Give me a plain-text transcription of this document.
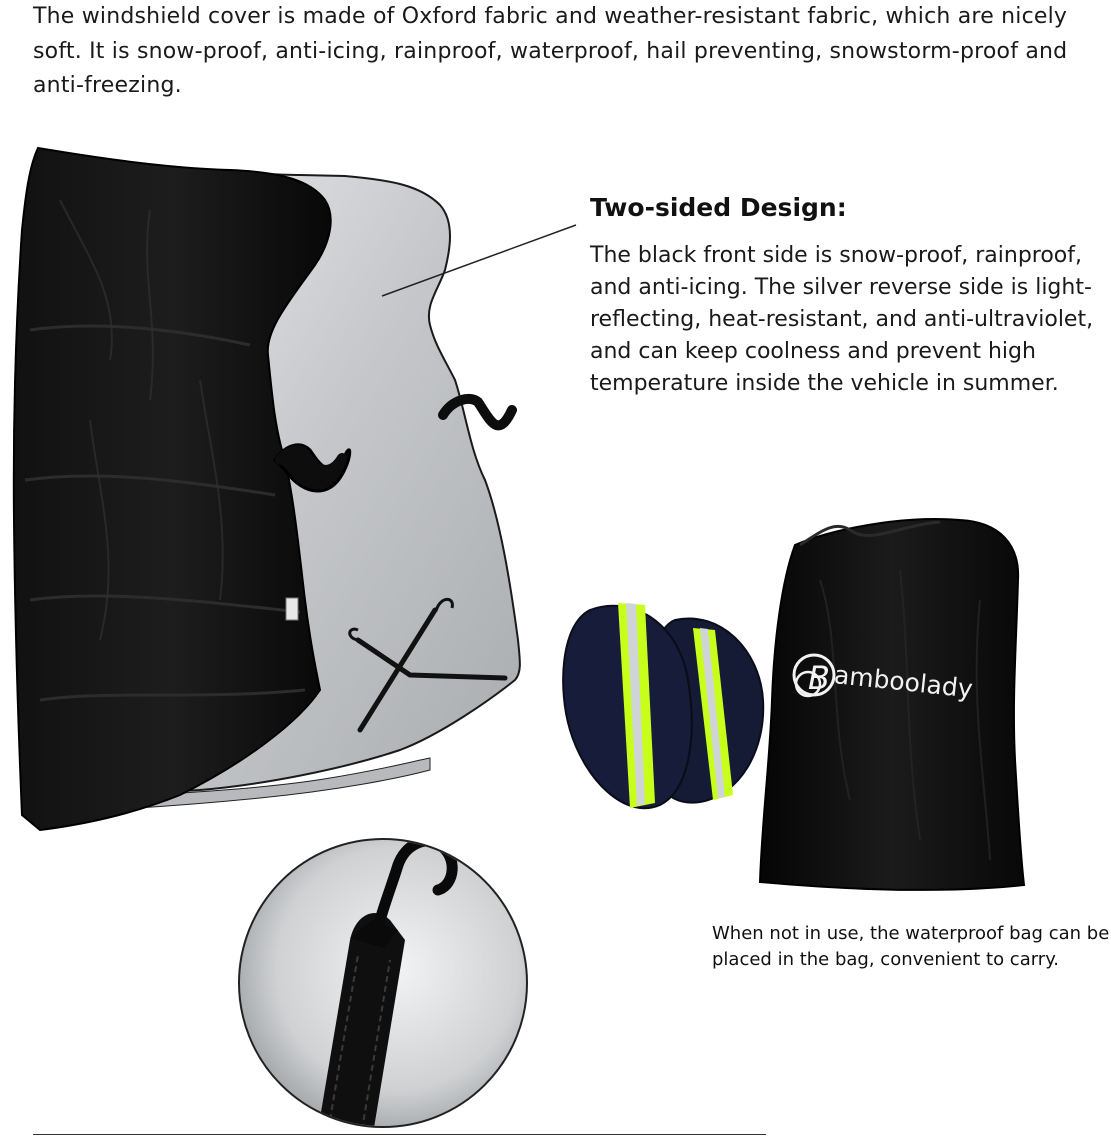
The windshield cover is made of Oxford fabric and weather-resistant fabric, which are nicely soft. It is snow-proof, anti-icing, rainproof, waterproof, hail preventing, snowstorm-proof and anti-freezing.
B amboolady
Two-sided Design:
The black front side is snow-proof, rainproof, and anti-icing. The silver reverse side is light-reflecting, heat-resistant, and anti-ultraviolet, and can keep coolness and prevent high temperature inside the vehicle in summer.
When not in use, the waterproof bag can be placed in the bag, convenient to carry.
